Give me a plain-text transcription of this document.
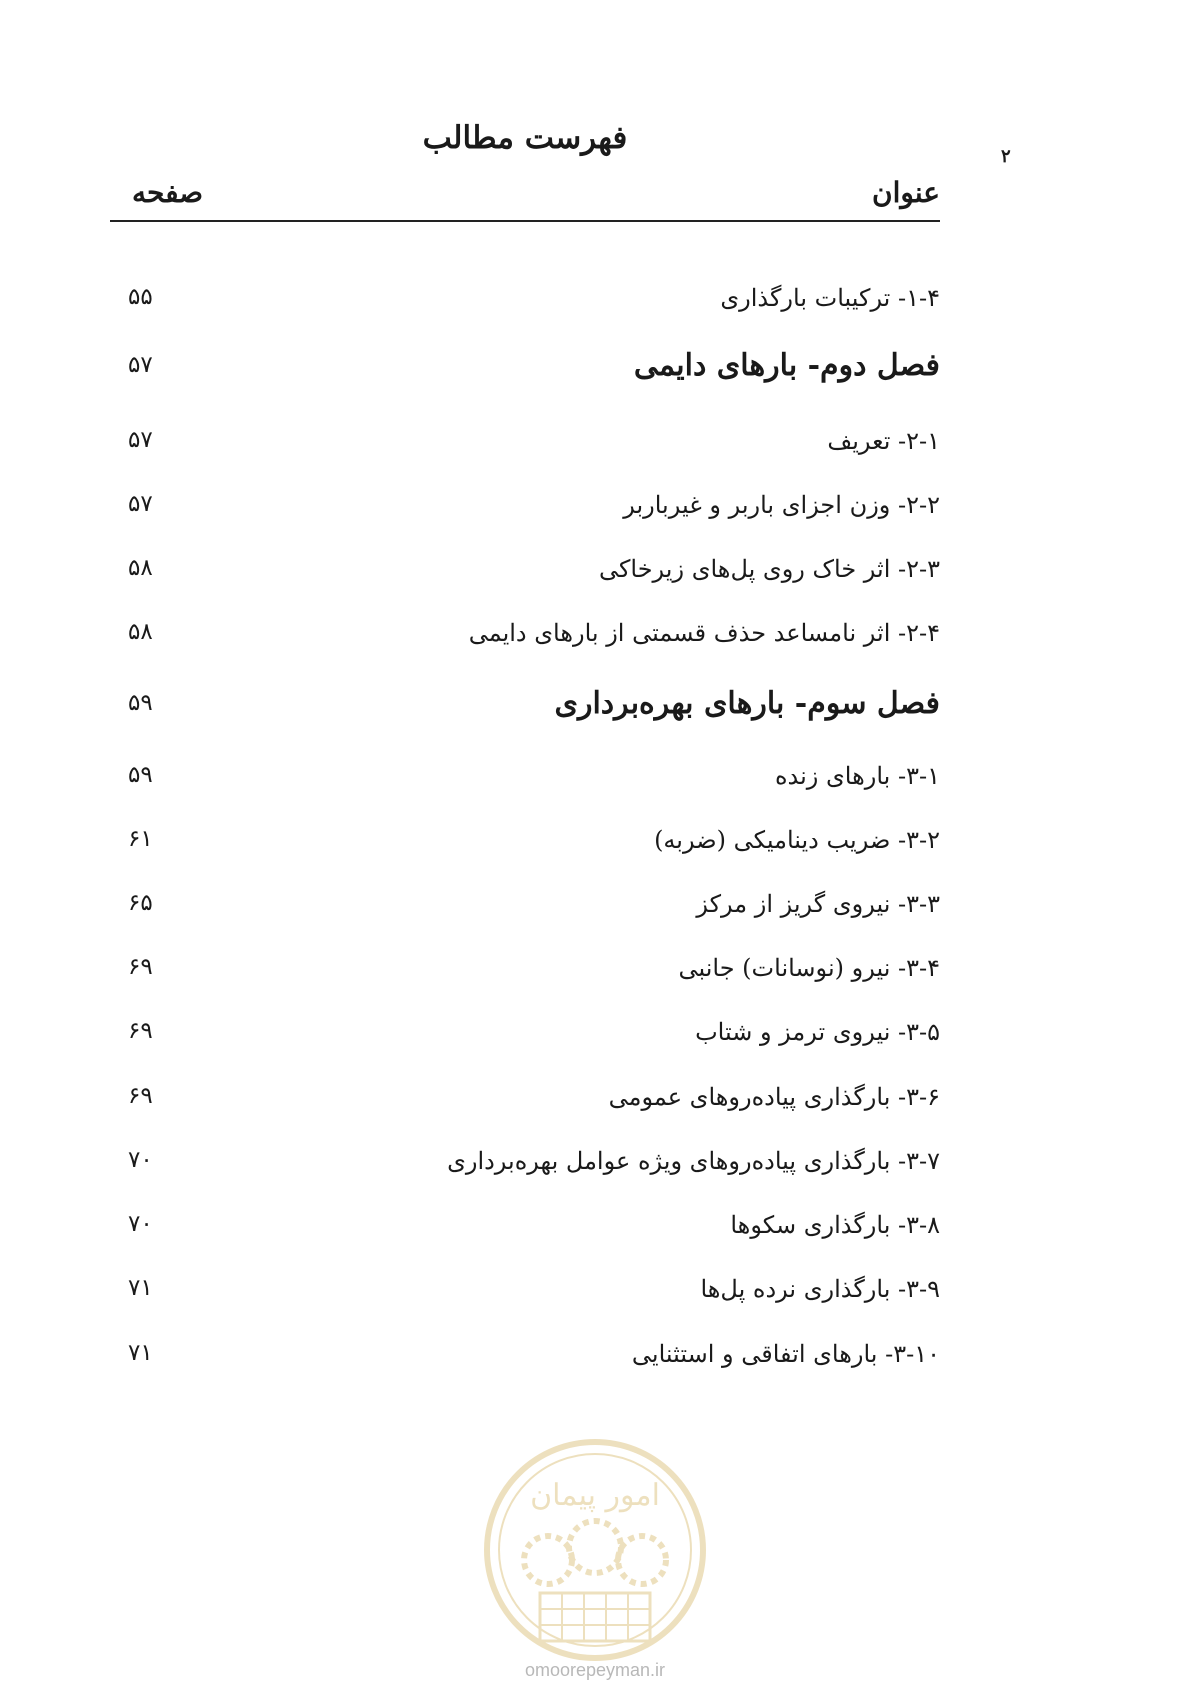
۲
فهرست مطالب
عنوان
صفحه
۱-۴- ترکیبات بارگذاری
۵۵
فصل دوم- بارهای دایمی
۵۷
۲-۱- تعریف
۵۷
۲-۲- وزن اجزای باربر و غیرباربر
۵۷
۲-۳- اثر خاک روی پل‌های زیرخاکی
۵۸
۲-۴- اثر نامساعد حذف قسمتی از بارهای دایمی
۵۸
فصل سوم- بارهای بهره‌برداری
۵۹
۳-۱- بارهای زنده
۵۹
۳-۲- ضریب دینامیکی (ضربه)
۶۱
۳-۳- نیروی گریز از مرکز
۶۵
۳-۴- نیرو (نوسانات) جانبی
۶۹
۳-۵- نیروی ترمز و شتاب
۶۹
۳-۶- بارگذاری پیاده‌روهای عمومی
۶۹
۳-۷- بارگذاری پیاده‌روهای ویژه عوامل بهره‌برداری
۷۰
۳-۸- بارگذاری سکوها
۷۰
۳-۹- بارگذاری نرده پل‌ها
۷۱
۳-۱۰- بارهای اتفاقی و استثنایی
۷۱
امور پیمان
omoorepeyman.ir
